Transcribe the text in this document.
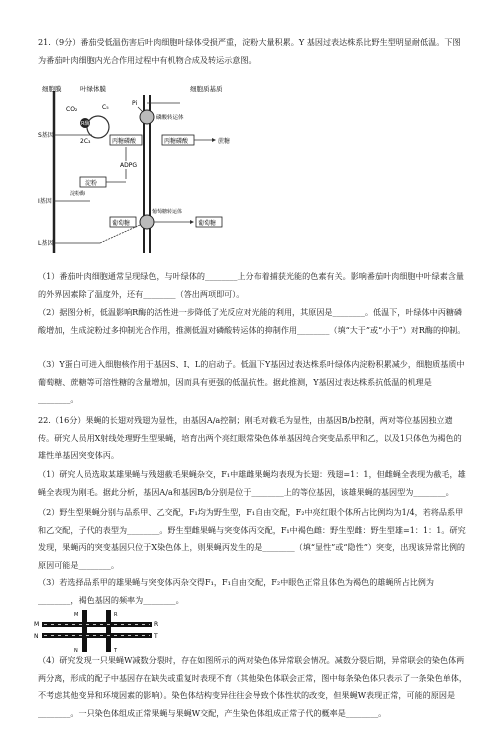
21.（9分）番茄受低温伤害后叶肉细胞叶绿体受损严重，淀粉大量积累。Y 基因过表达株系比野生型明显耐低温。下图为番茄叶肉细胞内光合作用过程中有机物合成及转运示意图。

细胞膜	叶绿体膜	细胞质基质
CO₂	C₅
2C₃
R酶
Pi
磷酸转运体
丙糖磷酸	丙糖磷酸	蔗糖
S基因
ADPG
淀粉
I基因
淀粉酶
葡萄糖
葡萄糖转运体
葡萄糖
L基因

（1）番茄叶肉细胞通常呈现绿色，与叶绿体的________上分布着捕获光能的色素有关。影响番茄叶肉细胞中叶绿素含量的外界因素除了温度外，还有________（答出两项即可）。

（2）据图分析，低温影响R酶的活性进一步降低了光反应对光能的利用，其原因是________。低温下，叶绿体中丙糖磷酸增加，生成淀粉过多抑制光合作用，推测低温对磷酸转运体的抑制作用________（填“大于”或“小于”）对R酶的抑制。

（3）Y蛋白可进入细胞核作用于基因S、I、L的启动子。低温下Y基因过表达株系叶绿体内淀粉积累减少，细胞质基质中葡萄糖、蔗糖等可溶性糖的含量增加，因而具有更强的低温抗性。据此推测，Y基因过表达株系抗低温的机理是________。

22.（16分）果蝇的长翅对残翅为显性，由基因A/a控制；刚毛对截毛为显性，由基因B/b控制，两对等位基因独立遗传。研究人员用X射线处理野生型果蝇，培育出两个亮红眼常染色体单基因纯合突变品系甲和乙，以及1只体色为褐色的雄性单基因突变体丙。

（1）研究人员选取某雄果蝇与残翅截毛果蝇杂交，F₁中雄雌果蝇均表现为长翅：残翅=1：1，但雌蝇全表现为截毛，雄蝇全表现为刚毛。据此分析，基因A/a和基因B/b分别是位于________上的等位基因，该雄果蝇的基因型为________。

（2）野生型果蝇分别与品系甲、乙交配，F₁均为野生型，F₁自由交配，F₂中亮红眼个体所占比例均为1/4，若将品系甲和乙交配，子代的表型为________。野生型雌果蝇与突变体丙交配，F₁中褐色雌：野生型雌：野生型雄=1：1：1。研究发现，果蝇丙的突变基因只位于X染色体上，则果蝇丙发生的是________（填“显性”或“隐性”）突变，出现该异常比例的原因可能是________。

（3）若选择品系甲的雄果蝇与突变体丙杂交得F₁，F₁自由交配，F₂中眼色正常且体色为褐色的雄蝇所占比例为________，褐色基因的频率为________。

M
N
R
T
M	R
N	T

（4）研究发现一只果蝇W减数分裂时，存在如图所示的两对染色体异常联会情况。减数分裂后期，异常联会的染色体两两分离，形成的配子中基因存在缺失或重复时表现不育（其他染色体联会正常，图中每条染色体只表示了一条染色单体，不考虑其他变异和环境因素的影响）。染色体结构变异往往会导致个体性状的改变，但果蝇W表现正常，可能的原因是________。一只染色体组成正常果蝇与果蝇W交配，产生染色体组成正常子代的概率是________。
